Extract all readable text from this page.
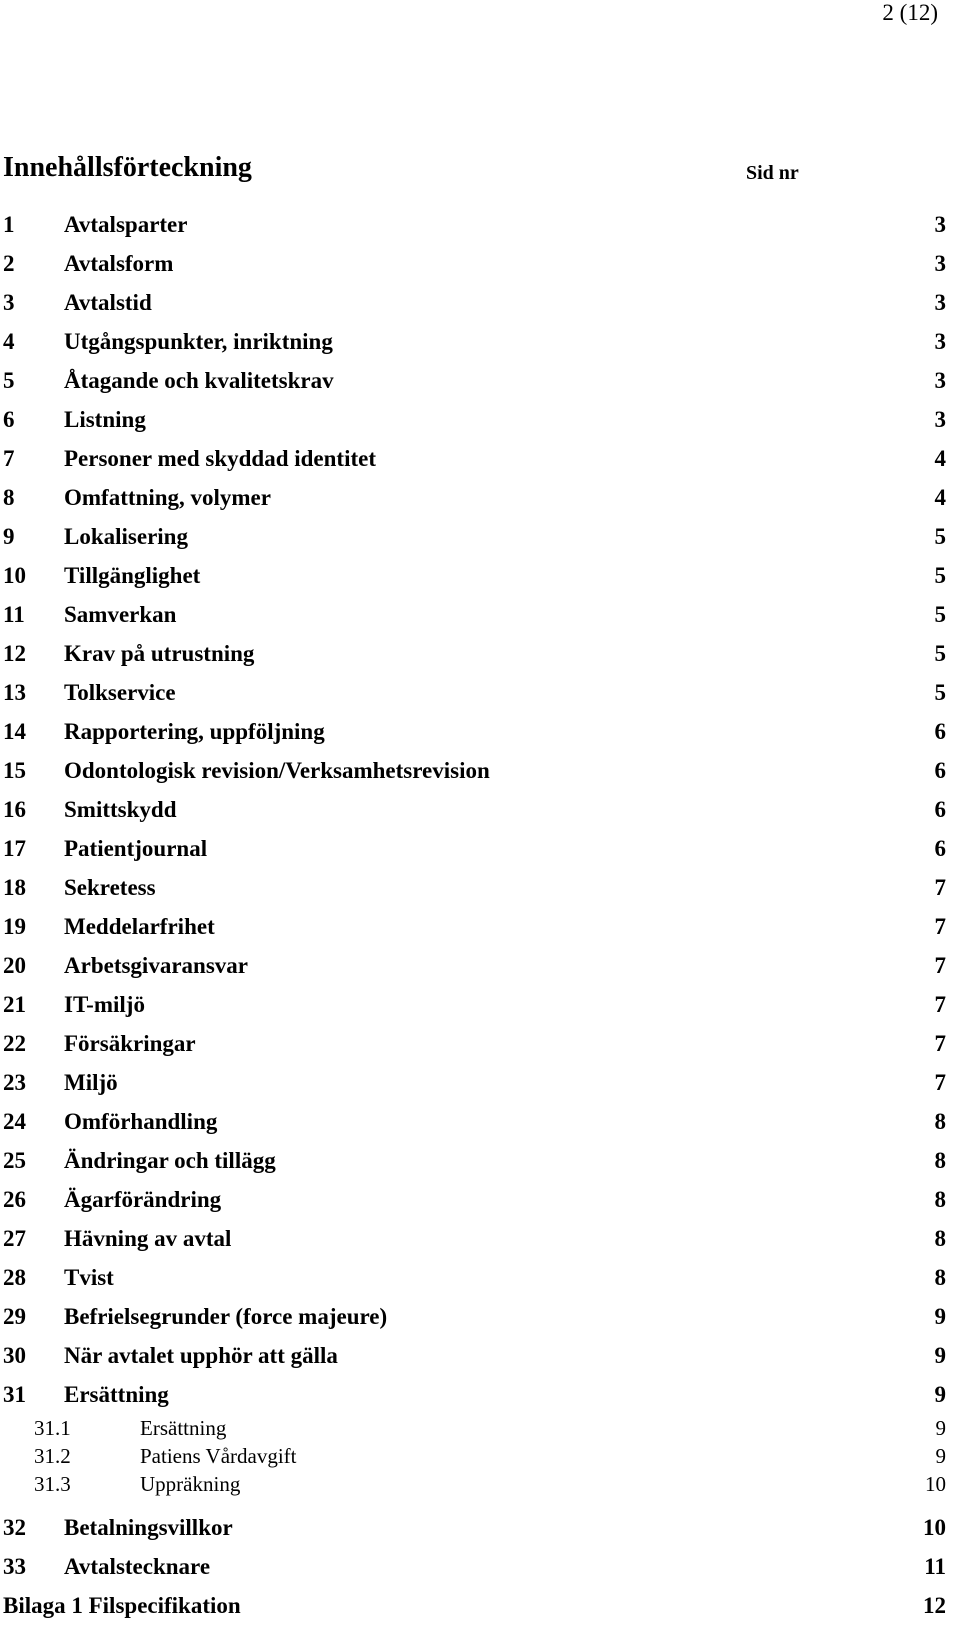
2 (12)
Innehållsförteckning	Sid nr
1 Avtalsparter	3
2 Avtalsform	3
3 Avtalstid	3
4 Utgångspunkter, inriktning	3
5 Åtagande och kvalitetskrav	3
6 Listning	3
7 Personer med skyddad identitet	4
8 Omfattning, volymer	4
9 Lokalisering	5
10 Tillgänglighet	5
11 Samverkan	5
12 Krav på utrustning	5
13 Tolkservice	5
14 Rapportering, uppföljning	6
15 Odontologisk revision/Verksamhetsrevision	6
16 Smittskydd	6
17 Patientjournal	6
18 Sekretess	7
19 Meddelarfrihet	7
20 Arbetsgivaransvar	7
21 IT-miljö	7
22 Försäkringar	7
23 Miljö	7
24 Omförhandling	8
25 Ändringar och tillägg	8
26 Ägarförändring	8
27 Hävning av avtal	8
28 Tvist	8
29 Befrielsegrunder (force majeure)	9
30 När avtalet upphör att gälla	9
31 Ersättning	9
31.1	Ersättning	9
31.2	Patiens Vårdavgift	9
31.3	Uppräkning	10
32 Betalningsvillkor	10
33 Avtalstecknare	11
Bilaga 1 Filspecifikation	12
